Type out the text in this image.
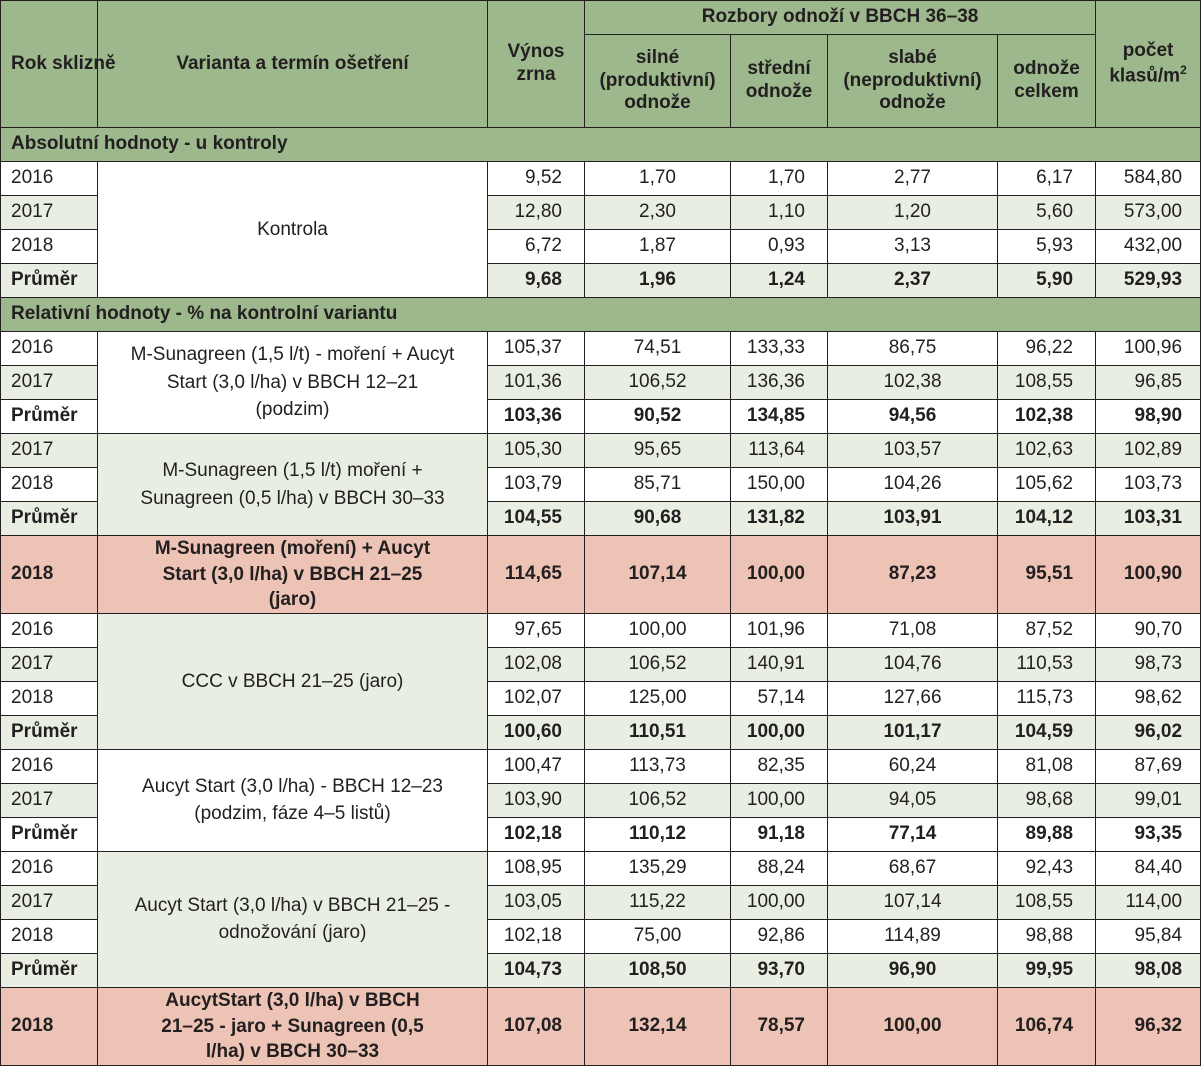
Rok sklizně	Varianta a termín ošetření	Výnos zrna	Rozbory odnoží v BBCH 36–38				počet klasů/$m^2$
			silné (produktivní) odnože	střední odnože	slabé (neproduktivní) odnože	odnože celkem	
Absolutní hodnoty - u kontroly							
2016	Kontrola	9,52	1,70	1,70	2,77	6,17	584,80
2017		12,80	2,30	1,10	1,20	5,60	573,00
2018		6,72	1,87	0,93	3,13	5,93	432,00
Průměr		9,68	1,96	1,24	2,37	5,90	529,93
Relativní hodnoty - % na kontrolní variantu							
2016	M-Sunagreen (1,5 l/t) - moření + Aucyt Start (3,0 l/ha) v BBCH 12–21 (podzim)	105,37	74,51	133,33	86,75	96,22	100,96
2017		101,36	106,52	136,36	102,38	108,55	96,85
Průměr		103,36	90,52	134,85	94,56	102,38	98,90
2017	M-Sunagreen (1,5 l/t) moření + Sunagreen (0,5 l/ha) v BBCH 30–33	105,30	95,65	113,64	103,57	102,63	102,89
2018		103,79	85,71	150,00	104,26	105,62	103,73
Průměr		104,55	90,68	131,82	103,91	104,12	103,31
2018	M-Sunagreen (moření) + Aucyt Start (3,0 l/ha) v BBCH 21–25 (jaro)	114,65	107,14	100,00	87,23	95,51	100,90
2016	CCC v BBCH 21–25 (jaro)	97,65	100,00	101,96	71,08	87,52	90,70
2017		102,08	106,52	140,91	104,76	110,53	98,73
2018		102,07	125,00	57,14	127,66	115,73	98,62
Průměr		100,60	110,51	100,00	101,17	104,59	96,02
2016	Aucyt Start (3,0 l/ha) - BBCH 12–23 (podzim, fáze 4–5 listů)	100,47	113,73	82,35	60,24	81,08	87,69
2017		103,90	106,52	100,00	94,05	98,68	99,01
Průměr		102,18	110,12	91,18	77,14	89,88	93,35
2016	Aucyt Start (3,0 l/ha) v BBCH 21–25 - odnožování (jaro)	108,95	135,29	88,24	68,67	92,43	84,40
2017		103,05	115,22	100,00	107,14	108,55	114,00
2018		102,18	75,00	92,86	114,89	98,88	95,84
Průměr		104,73	108,50	93,70	96,90	99,95	98,08
2018	AucytStart (3,0 l/ha) v BBCH 21–25 - jaro + Sunagreen (0,5 l/ha) v BBCH 30–33	107,08	132,14	78,57	100,00	106,74	96,32
